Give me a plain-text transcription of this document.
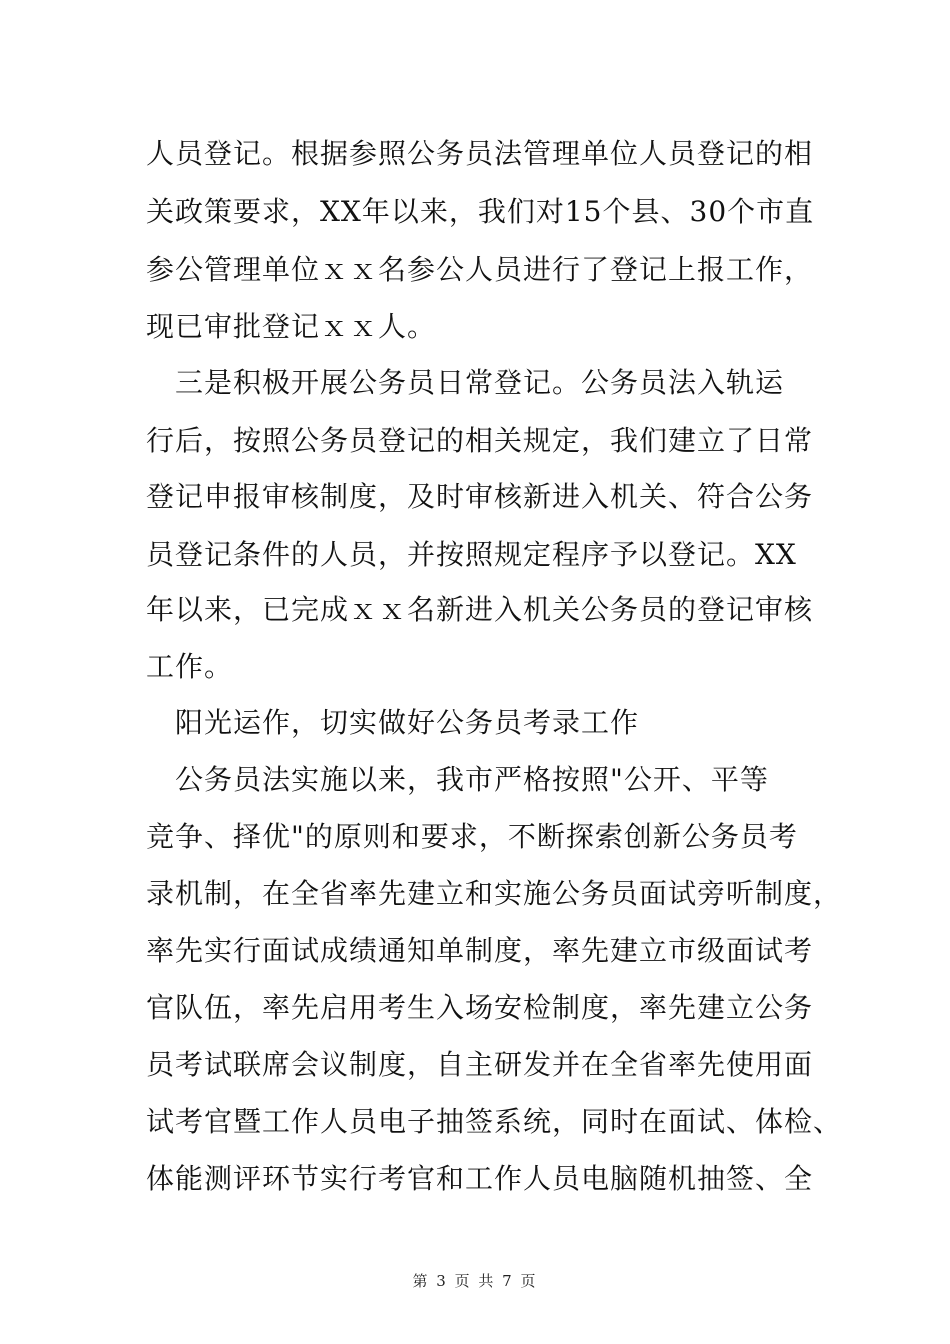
人员登记。根据参照公务员法管理单位人员登记的相
关政策要求，XX年以来，我们对15个县、30个市直
参公管理单位ｘｘ名参公人员进行了登记上报工作，
现已审批登记ｘｘ人。
　三是积极开展公务员日常登记。公务员法入轨运
行后，按照公务员登记的相关规定，我们建立了日常
登记申报审核制度，及时审核新进入机关、符合公务
员登记条件的人员，并按照规定程序予以登记。XX
年以来，已完成ｘｘ名新进入机关公务员的登记审核
工作。
　阳光运作，切实做好公务员考录工作
　公务员法实施以来，我市严格按照"公开、平等
竞争、择优"的原则和要求，不断探索创新公务员考
录机制，在全省率先建立和实施公务员面试旁听制度，
率先实行面试成绩通知单制度，率先建立市级面试考
官队伍，率先启用考生入场安检制度，率先建立公务
员考试联席会议制度，自主研发并在全省率先使用面
试考官暨工作人员电子抽签系统，同时在面试、体检、
体能测评环节实行考官和工作人员电脑随机抽签、全
第 3 页 共 7 页
